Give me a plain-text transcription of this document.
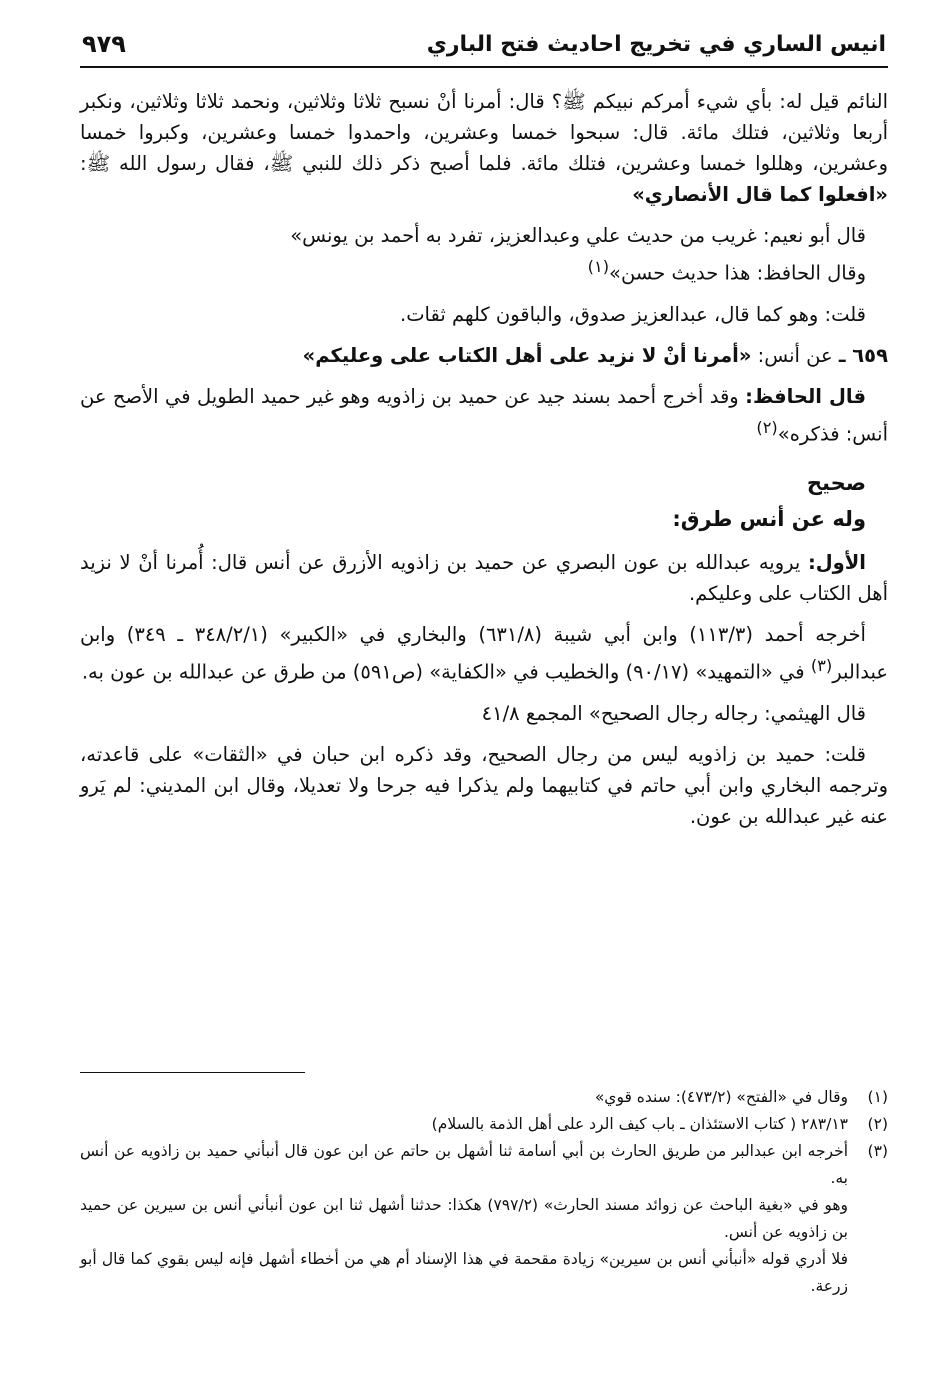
انيس الساري في تخريج احاديث فتح الباري
٩٧٩

النائم قيل له: بأي شيء أمركم نبيكم ﷺ؟ قال: أمرنا أنْ نسبح ثلاثا وثلاثين، ونحمد ثلاثا وثلاثين، ونكبر أربعا وثلاثين، فتلك مائة. قال: سبحوا خمسا وعشرين، واحمدوا خمسا وعشرين، وكبروا خمسا وعشرين، وهللوا خمسا وعشرين، فتلك مائة. فلما أصبح ذكر ذلك للنبي ﷺ، فقال رسول الله ﷺ: «افعلوا كما قال الأنصاري»

قال أبو نعيم: غريب من حديث علي وعبدالعزيز، تفرد به أحمد بن يونس»

وقال الحافظ: هذا حديث حسن»$^{(١)}$

قلت: وهو كما قال، عبدالعزيز صدوق، والباقون كلهم ثقات.

٦٥٩ ـ عن أنس: «أمرنا أنْ لا نزيد على أهل الكتاب على وعليكم»

قال الحافظ: وقد أخرج أحمد بسند جيد عن حميد بن زاذويه وهو غير حميد الطويل في الأصح عن أنس: فذكره»$^{(٢)}$

صحيح
وله عن أنس طرق:

الأول: يرويه عبدالله بن عون البصري عن حميد بن زاذويه الأزرق عن أنس قال: أُمرنا أنْ لا نزيد أهل الكتاب على وعليكم.

أخرجه أحمد (١١٣/٣) وابن أبي شيبة (٦٣١/٨) والبخاري في «الكبير» (٣٤٨/٢/١ ـ ٣٤٩) وابن عبدالبر$^{(٣)}$ في «التمهيد» (٩٠/١٧) والخطيب في «الكفاية» (ص٥٩١) من طرق عن عبدالله بن عون به.

قال الهيثمي: رجاله رجال الصحيح» المجمع ٤١/٨

قلت: حميد بن زاذويه ليس من رجال الصحيح، وقد ذكره ابن حبان في «الثقات» على قاعدته، وترجمه البخاري وابن أبي حاتم في كتابيهما ولم يذكرا فيه جرحا ولا تعديلا، وقال ابن المديني: لم يَرو عنه غير عبدالله بن عون.

(١)
وقال في «الفتح» (٤٧٣/٢): سنده قوي»
(٢)
٢٨٣/١٣ ( كتاب الاستئذان ـ باب كيف الرد على أهل الذمة بالسلام)
(٣)
أخرجه ابن عبدالبر من طريق الحارث بن أبي أسامة ثنا أشهل بن حاتم عن ابن عون قال أنبأني حميد بن زاذويه عن أنس به.
وهو في «بغية الباحث عن زوائد مسند الحارث» (٧٩٧/٢) هكذا: حدثنا أشهل ثنا ابن عون أنبأني أنس بن سيرين عن حميد بن زاذويه عن أنس.
فلا أدري قوله «أنبأني أنس بن سيرين» زيادة مقحمة في هذا الإسناد أم هي من أخطاء أشهل فإنه ليس بقوي كما قال أبو زرعة.
